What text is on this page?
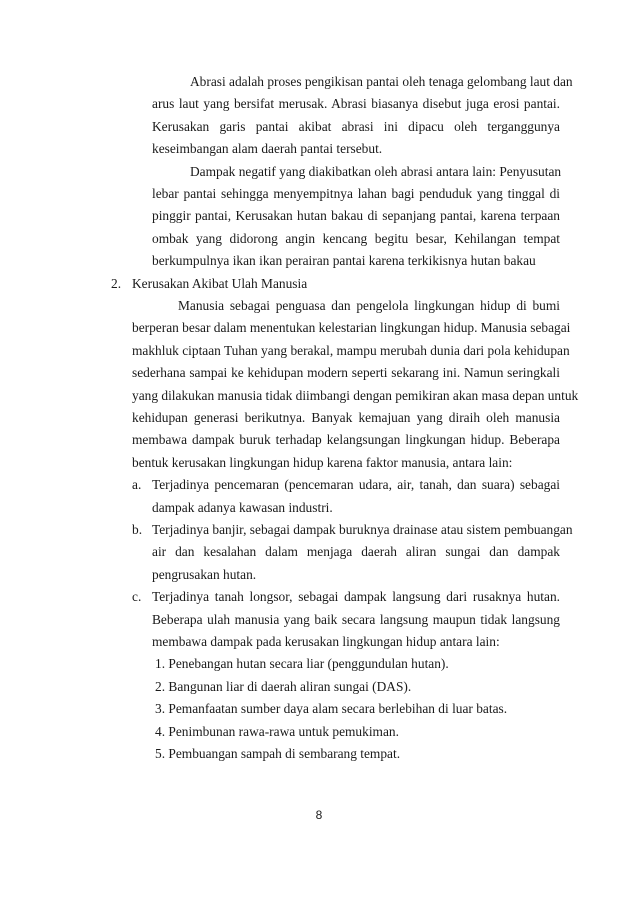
Abrasi adalah proses pengikisan pantai oleh tenaga gelombang laut dan

arus laut yang bersifat merusak. Abrasi biasanya disebut juga erosi pantai.

Kerusakan garis pantai akibat abrasi ini dipacu oleh terganggunya

keseimbangan alam daerah pantai tersebut.

Dampak negatif yang diakibatkan oleh abrasi antara lain: Penyusutan

lebar pantai sehingga menyempitnya lahan bagi penduduk yang tinggal di

pinggir pantai, Kerusakan hutan bakau di sepanjang pantai, karena terpaan

ombak yang didorong angin kencang begitu besar, Kehilangan tempat

berkumpulnya ikan ikan perairan pantai karena terkikisnya hutan bakau

2. Kerusakan Akibat Ulah Manusia

Manusia sebagai penguasa dan pengelola lingkungan hidup di bumi

berperan besar dalam menentukan kelestarian lingkungan hidup. Manusia sebagai

makhluk ciptaan Tuhan yang berakal, mampu merubah dunia dari pola kehidupan

sederhana sampai ke kehidupan modern seperti sekarang ini. Namun seringkali

yang dilakukan manusia tidak diimbangi dengan pemikiran akan masa depan untuk

kehidupan generasi berikutnya. Banyak kemajuan yang diraih oleh manusia

membawa dampak buruk terhadap kelangsungan lingkungan hidup. Beberapa

bentuk kerusakan lingkungan hidup karena faktor manusia, antara lain:

a. Terjadinya pencemaran (pencemaran udara, air, tanah, dan suara) sebagai

dampak adanya kawasan industri.

b. Terjadinya banjir, sebagai dampak buruknya drainase atau sistem pembuangan

air dan kesalahan dalam menjaga daerah aliran sungai dan dampak

pengrusakan hutan.

c. Terjadinya tanah longsor, sebagai dampak langsung dari rusaknya hutan.

Beberapa ulah manusia yang baik secara langsung maupun tidak langsung

membawa dampak pada kerusakan lingkungan hidup antara lain:

1. Penebangan hutan secara liar (penggundulan hutan).

2. Bangunan liar di daerah aliran sungai (DAS).

3. Pemanfaatan sumber daya alam secara berlebihan di luar batas.

4. Penimbunan rawa-rawa untuk pemukiman.

5. Pembuangan sampah di sembarang tempat.

8
